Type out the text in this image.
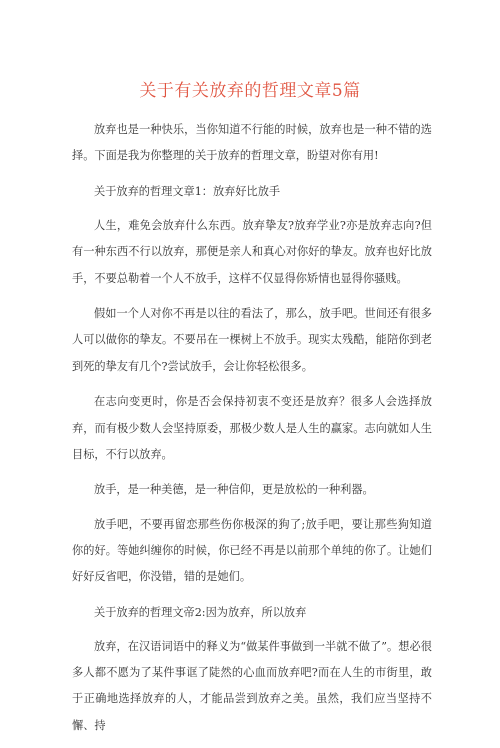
关于有关放弃的哲理文章5篇

放弃也是一种快乐，当你知道不行能的时候，放弃也是一种不错的选择。下面是我为你整理的关于放弃的哲理文章，盼望对你有用!

关于放弃的哲理文章1：放弃好比放手

人生，难免会放弃什么东西。放弃挚友?放弃学业?亦是放弃志向?但有一种东西不行以放弃，那便是亲人和真心对你好的挚友。放弃也好比放手，不要总勒着一个人不放手，这样不仅显得你矫情也显得你骚贱。

假如一个人对你不再是以往的看法了，那么，放手吧。世间还有很多人可以做你的挚友。不要吊在一棵树上不放手。现实太残酷，能陪你到老到死的挚友有几个?尝试放手，会让你轻松很多。

在志向变更时，你是否会保持初衷不变还是放弃？很多人会选择放弃，而有极少数人会坚持原委，那极少数人是人生的赢家。志向就如人生目标，不行以放弃。

放手，是一种美德，是一种信仰，更是放松的一种利器。

放手吧，不要再留恋那些伤你极深的狗了;放手吧，要让那些狗知道你的好。等她纠缠你的时候，你已经不再是以前那个单纯的你了。让她们好好反省吧，你没错，错的是她们。

关于放弃的哲理文帝2:因为放弃，所以放弃

放弃，在汉语词语中的释义为“做某件事做到一半就不做了”。想必很多人都不愿为了某件事诓了陡然的心血而放弃吧?而在人生的市街里，敢于正确地选择放弃的人，才能品尝到放弃之美。虽然，我们应当坚持不懈、持
